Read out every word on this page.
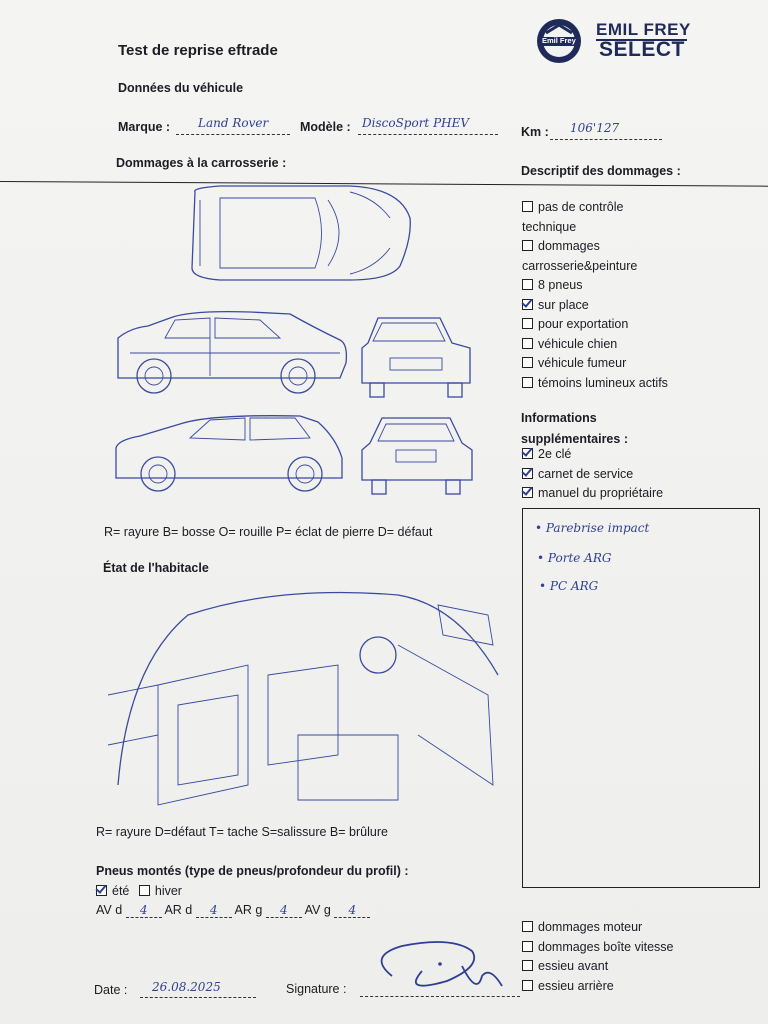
Test de reprise eftrade
Emil Frey
EMIL FREY
SELECT
Données du véhicule
Marque : Land Rover	Modèle : DiscoSport PHEV
Km : 106'127
Dommages à la carrosserie :
Descriptif des dommages :
R= rayure B= bosse O= rouille P= éclat de pierre D= défaut
pas de contrôle
technique
dommages
carrosserie&peinture
8 pneus
sur place
pour exportation
véhicule chien
véhicule fumeur
témoins lumineux actifs
Informations
supplémentaires :
2e clé
carnet de service
manuel du propriétaire
• Parebrise impact
• Porte ARG
• PC ARG
État de l'habitacle
R= rayure D=défaut T= tache S=salissure B= brûlure
Pneus montés (type de pneus/profondeur du profil) :
été hiver
AV d 4 AR d 4 AR g 4 AV g 4
dommages moteur
dommages boîte vitesse
essieu avant
essieu arrière
Date : 26.08.2025	Signature :
